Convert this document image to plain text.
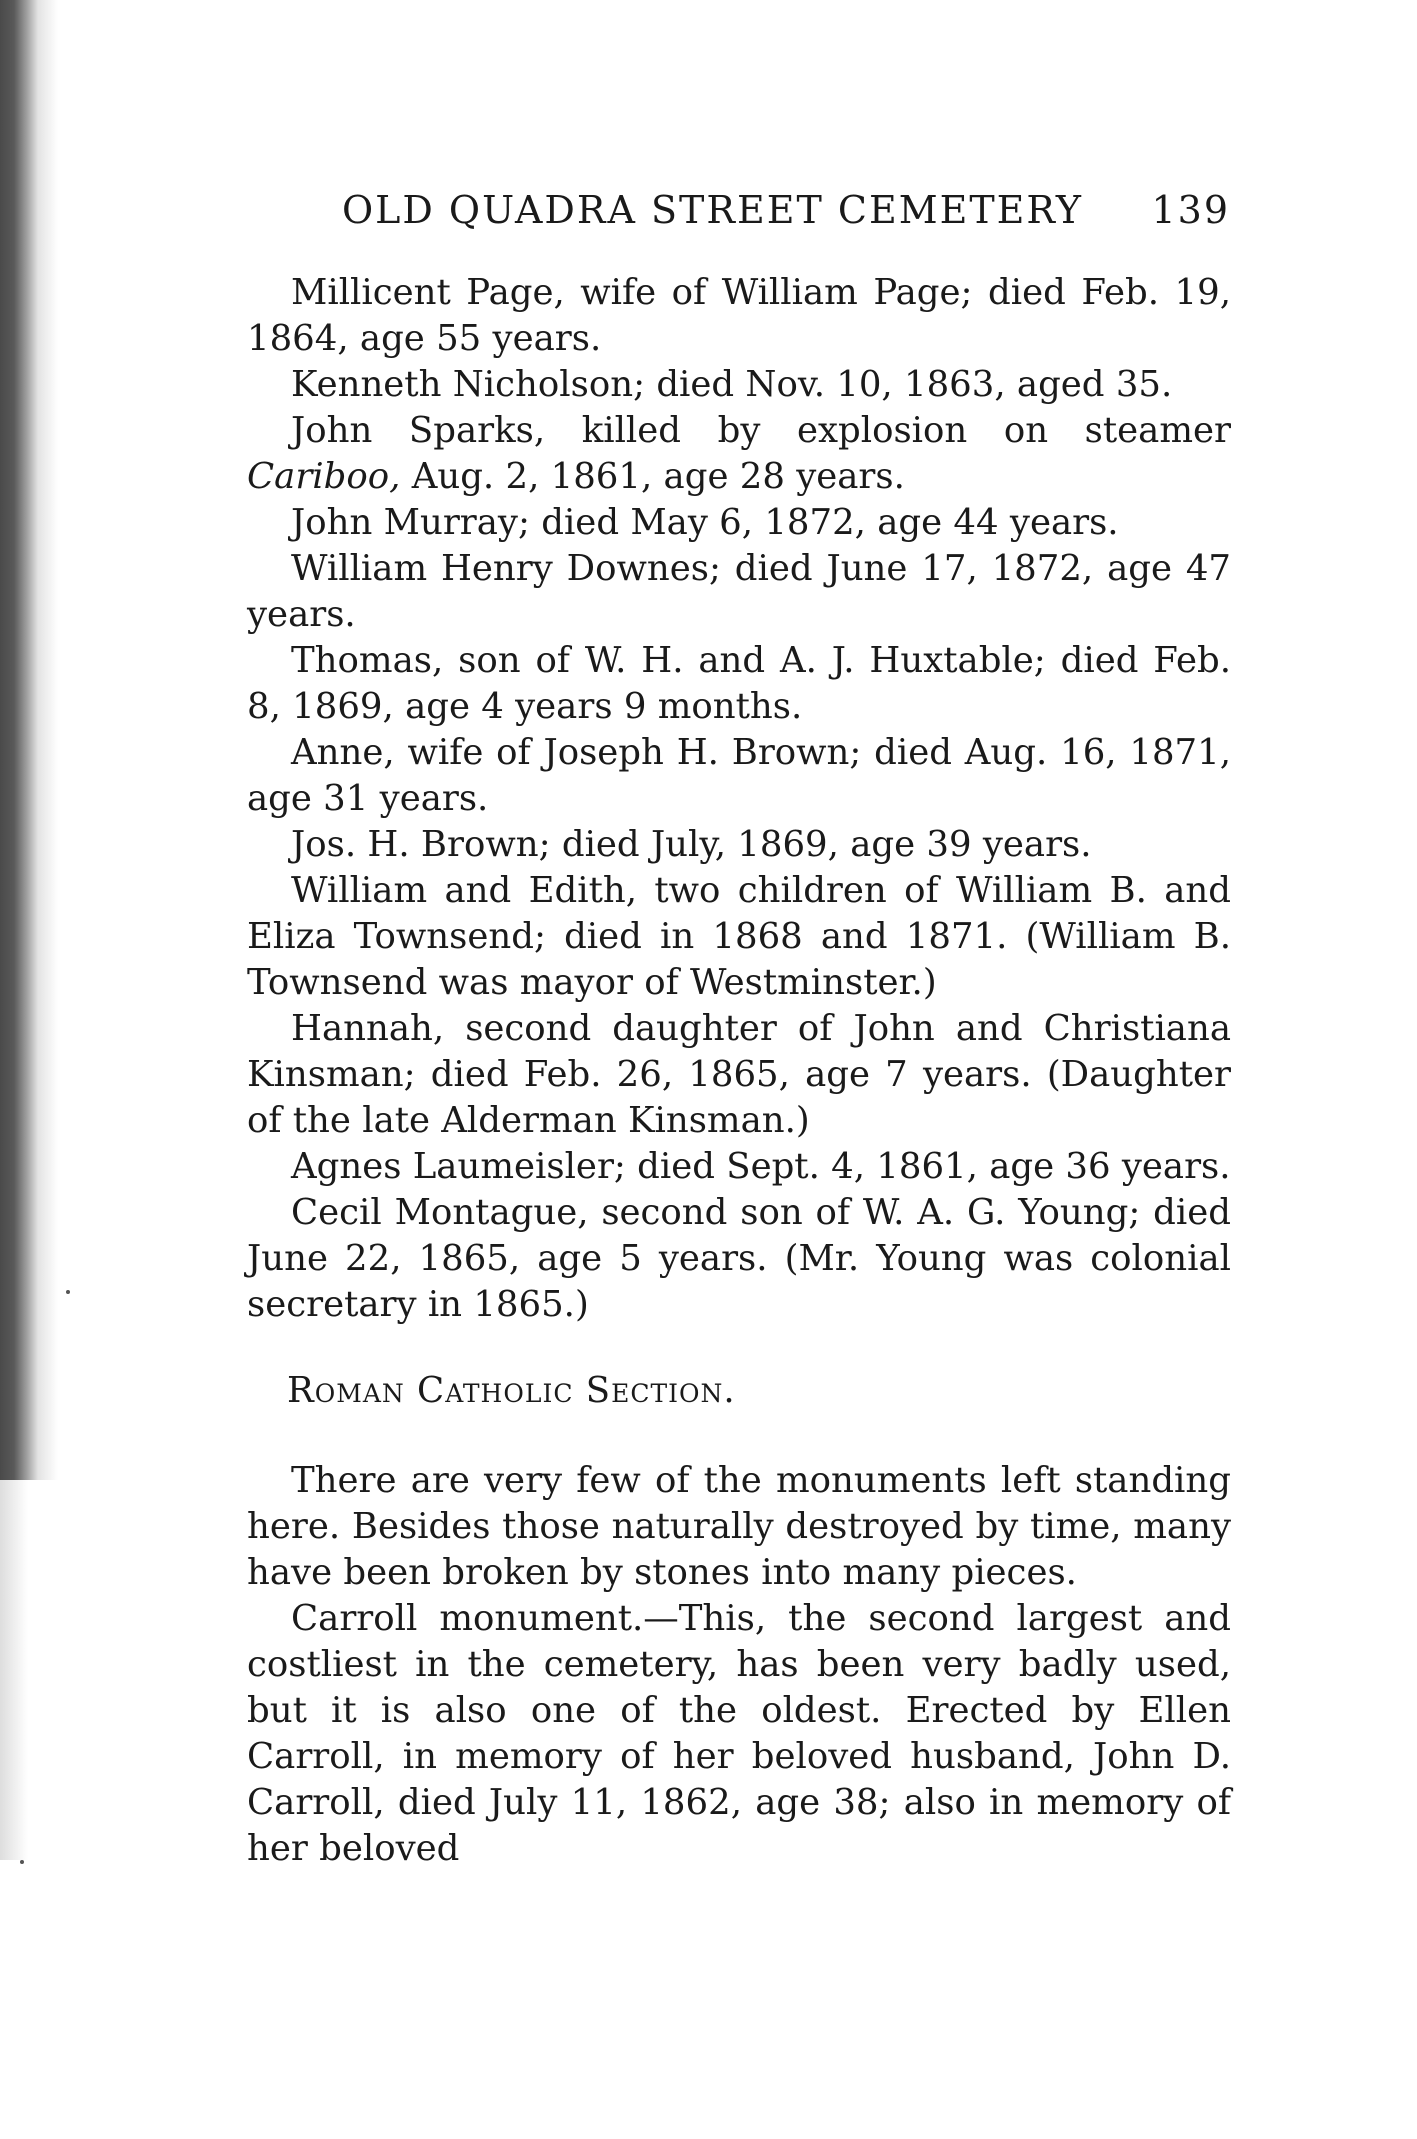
OLD QUADRA STREET CEMETERY 139

Millicent Page, wife of William Page; died Feb. 19, 1864, age 55 years.

Kenneth Nicholson; died Nov. 10, 1863, aged 35.

John Sparks, killed by explosion on steamer Cariboo, Aug. 2, 1861, age 28 years.

John Murray; died May 6, 1872, age 44 years.

William Henry Downes; died June 17, 1872, age 47 years.

Thomas, son of W. H. and A. J. Huxtable; died Feb. 8, 1869, age 4 years 9 months.

Anne, wife of Joseph H. Brown; died Aug. 16, 1871, age 31 years.

Jos. H. Brown; died July, 1869, age 39 years.

William and Edith, two children of William B. and Eliza Townsend; died in 1868 and 1871. (William B. Townsend was mayor of Westminster.)

Hannah, second daughter of John and Christiana Kinsman; died Feb. 26, 1865, age 7 years. (Daughter of the late Alderman Kinsman.)

Agnes Laumeisler; died Sept. 4, 1861, age 36 years.

Cecil Montague, second son of W. A. G. Young; died June 22, 1865, age 5 years. (Mr. Young was colonial secretary in 1865.)

Roman Catholic Section.

There are very few of the monuments left standing here. Besides those naturally destroyed by time, many have been broken by stones into many pieces.

Carroll monument.—This, the second largest and costliest in the cemetery, has been very badly used, but it is also one of the oldest. Erected by Ellen Carroll, in memory of her beloved husband, John D. Carroll, died July 11, 1862, age 38; also in memory of her beloved
